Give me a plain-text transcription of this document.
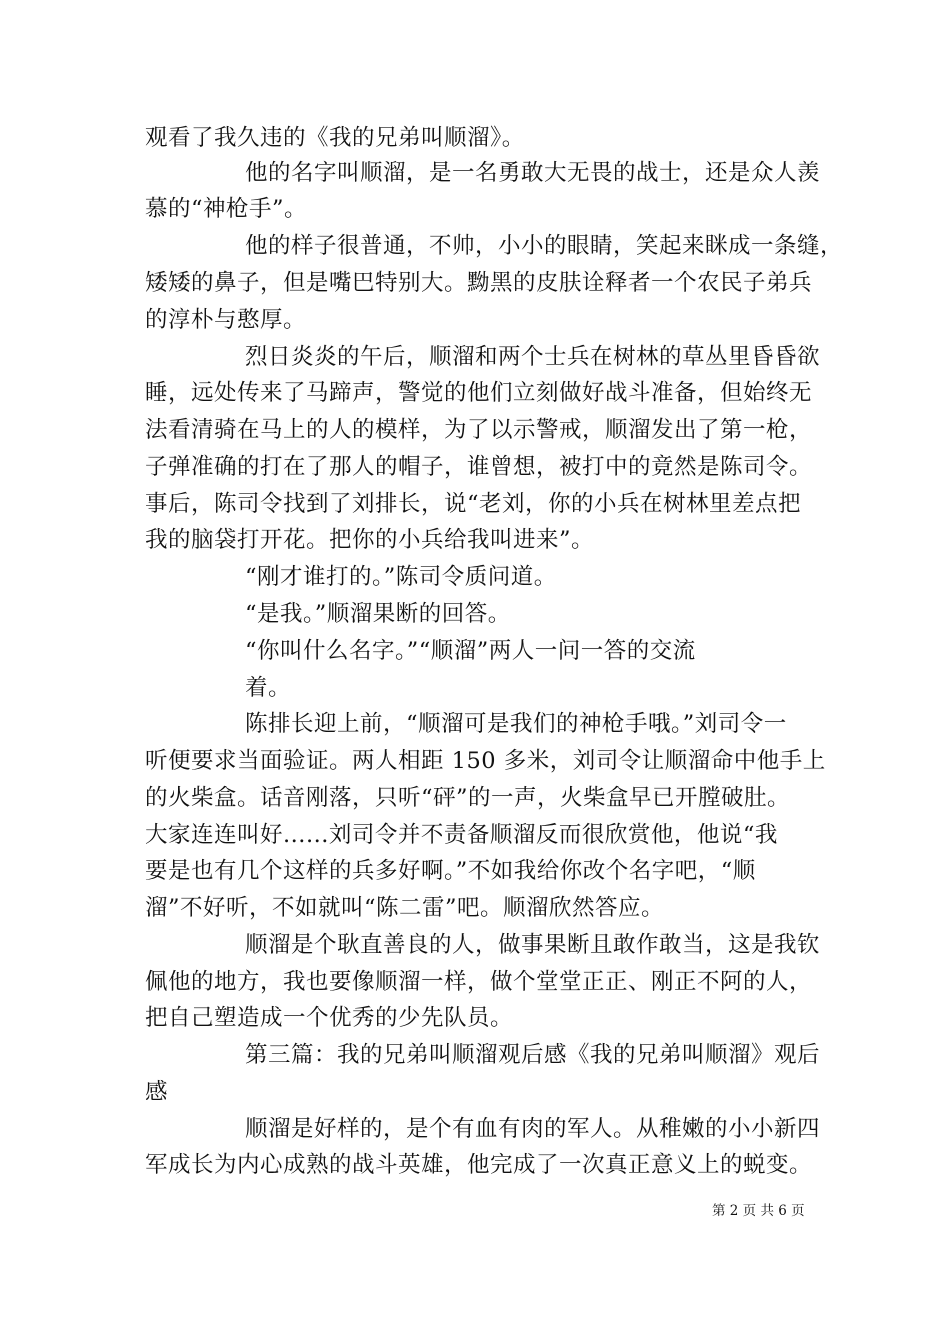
观看了我久违的《我的兄弟叫顺溜》。
他的名字叫顺溜，是一名勇敢大无畏的战士，还是众人羡
慕的“神枪手”。
他的样子很普通，不帅，小小的眼睛，笑起来眯成一条缝，
矮矮的鼻子，但是嘴巴特别大。黝黑的皮肤诠释者一个农民子弟兵
的淳朴与憨厚。
烈日炎炎的午后，顺溜和两个士兵在树林的草丛里昏昏欲
睡，远处传来了马蹄声，警觉的他们立刻做好战斗准备，但始终无
法看清骑在马上的人的模样，为了以示警戒，顺溜发出了第一枪，
子弹准确的打在了那人的帽子，谁曾想，被打中的竟然是陈司令。
事后，陈司令找到了刘排长，说“老刘，你的小兵在树林里差点把
我的脑袋打开花。把你的小兵给我叫进来”。
“刚才谁打的。”陈司令质问道。
“是我。”顺溜果断的回答。
“你叫什么名字。”“顺溜”两人一问一答的交流
着。
陈排长迎上前，“顺溜可是我们的神枪手哦。”刘司令一
听便要求当面验证。两人相距 150 多米，刘司令让顺溜命中他手上
的火柴盒。话音刚落，只听“砰”的一声，火柴盒早已开膛破肚。
大家连连叫好......刘司令并不责备顺溜反而很欣赏他，他说“我
要是也有几个这样的兵多好啊。”不如我给你改个名字吧，“顺
溜”不好听，不如就叫“陈二雷”吧。顺溜欣然答应。
顺溜是个耿直善良的人，做事果断且敢作敢当，这是我钦
佩他的地方，我也要像顺溜一样，做个堂堂正正、刚正不阿的人，
把自己塑造成一个优秀的少先队员。
第三篇：我的兄弟叫顺溜观后感《我的兄弟叫顺溜》观后
感
顺溜是好样的，是个有血有肉的军人。从稚嫩的小小新四
军成长为内心成熟的战斗英雄，他完成了一次真正意义上的蜕变。
第 2 页 共 6 页
